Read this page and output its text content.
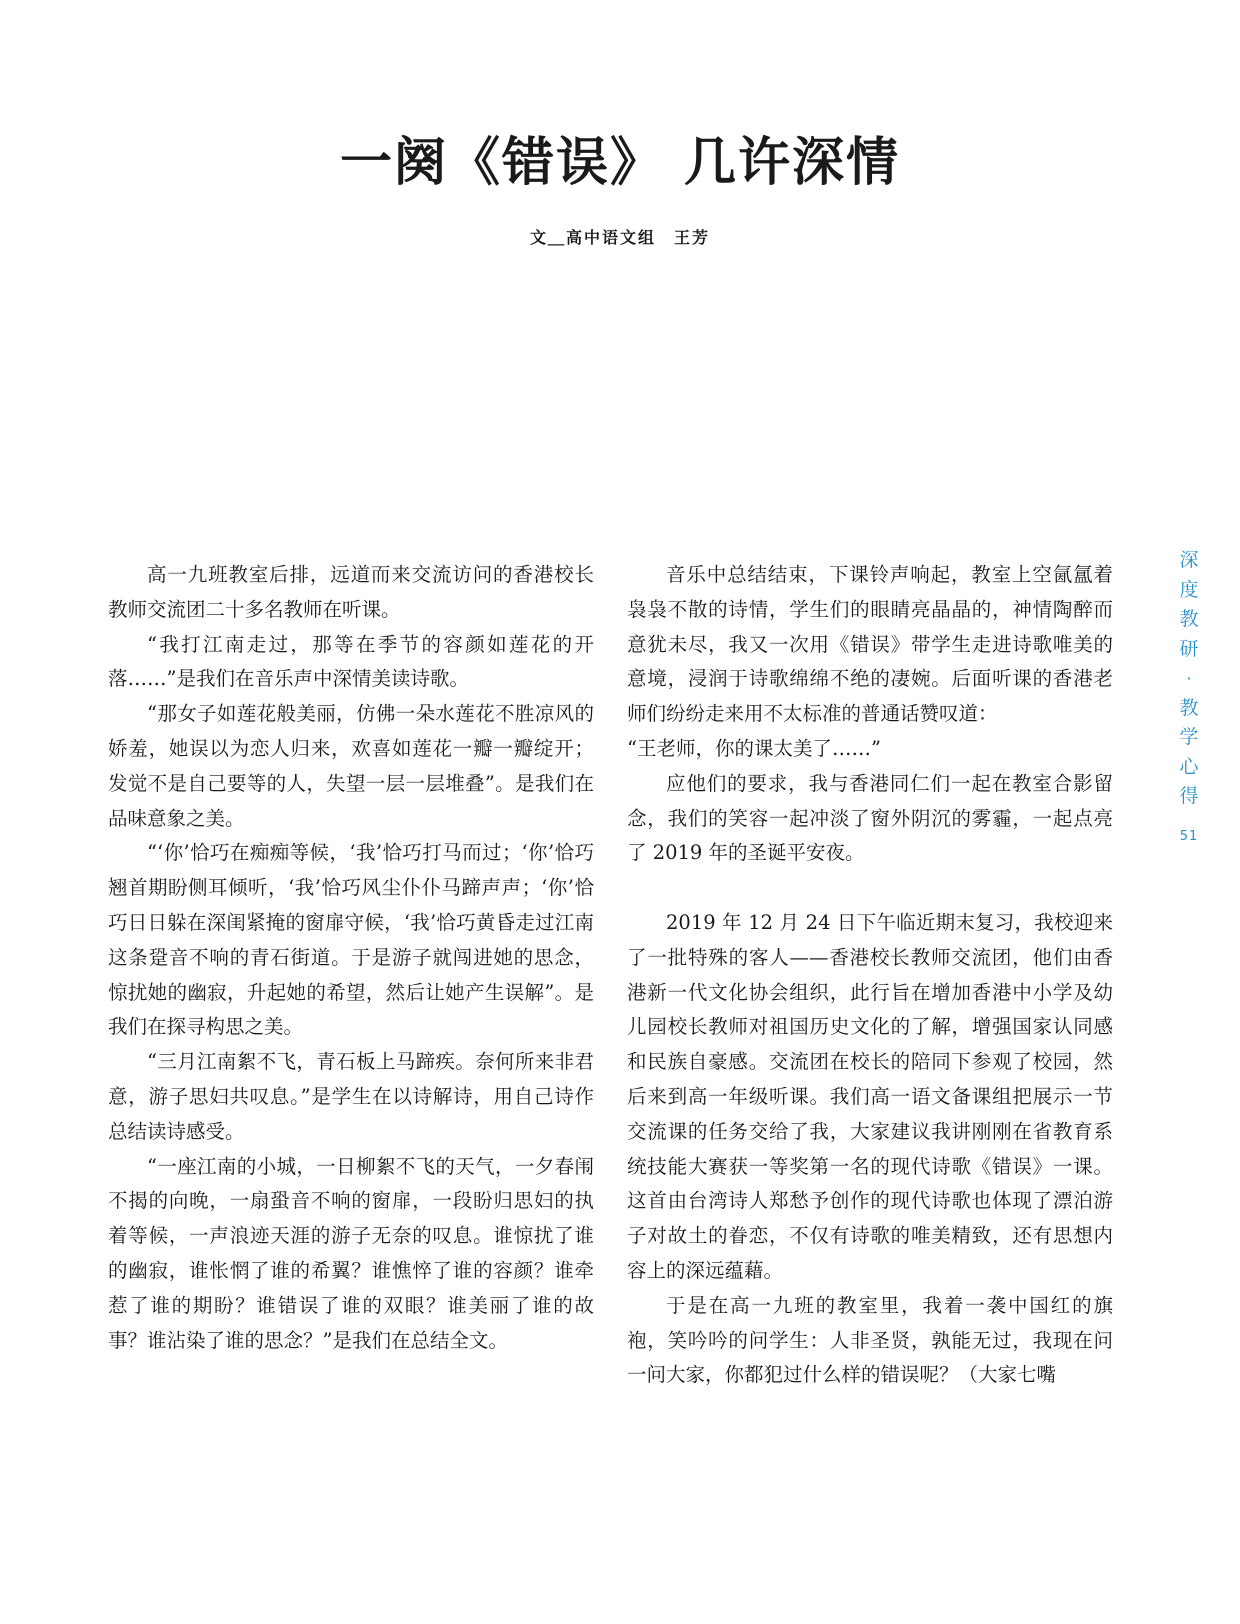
一阕《错误》 几许深情
文＿高中语文组　王芳

高一九班教室后排，远道而来交流访问的香港校长教师交流团二十多名教师在听课。

“我打江南走过，那等在季节的容颜如莲花的开落……”是我们在音乐声中深情美读诗歌。

“那女子如莲花般美丽，仿佛一朵水莲花不胜凉风的娇羞，她误以为恋人归来，欢喜如莲花一瓣一瓣绽开；发觉不是自己要等的人，失望一层一层堆叠”。是我们在品味意象之美。

“‘你’恰巧在痴痴等候，‘我’恰巧打马而过；‘你’恰巧翘首期盼侧耳倾听，‘我’恰巧风尘仆仆马蹄声声；‘你’恰巧日日躲在深闺紧掩的窗扉守候，‘我’恰巧黄昏走过江南这条跫音不响的青石街道。于是游子就闯进她的思念，惊扰她的幽寂，升起她的希望，然后让她产生误解”。是我们在探寻构思之美。

“三月江南絮不飞，青石板上马蹄疾。奈何所来非君意，游子思妇共叹息。”是学生在以诗解诗，用自己诗作总结读诗感受。

“一座江南的小城，一日柳絮不飞的天气，一夕春闱不揭的向晚，一扇蛩音不响的窗扉，一段盼归思妇的执着等候，一声浪迹天涯的游子无奈的叹息。谁惊扰了谁的幽寂，谁怅惘了谁的希翼？谁憔悴了谁的容颜？谁牵惹了谁的期盼？谁错误了谁的双眼？谁美丽了谁的故事？谁沾染了谁的思念？”是我们在总结全文。

音乐中总结结束，下课铃声响起，教室上空氤氲着袅袅不散的诗情，学生们的眼睛亮晶晶的，神情陶醉而意犹未尽，我又一次用《错误》带学生走进诗歌唯美的意境，浸润于诗歌绵绵不绝的凄婉。后面听课的香港老师们纷纷走来用不太标准的普通话赞叹道：

“王老师，你的课太美了……”

应他们的要求，我与香港同仁们一起在教室合影留念，我们的笑容一起冲淡了窗外阴沉的雾霾，一起点亮了 2019 年的圣诞平安夜。

2019 年 12 月 24 日下午临近期末复习，我校迎来了一批特殊的客人——香港校长教师交流团，他们由香港新一代文化协会组织，此行旨在增加香港中小学及幼儿园校长教师对祖国历史文化的了解，增强国家认同感和民族自豪感。交流团在校长的陪同下参观了校园，然后来到高一年级听课。我们高一语文备课组把展示一节交流课的任务交给了我，大家建议我讲刚刚在省教育系统技能大赛获一等奖第一名的现代诗歌《错误》一课。这首由台湾诗人郑愁予创作的现代诗歌也体现了漂泊游子对故土的眷恋，不仅有诗歌的唯美精致，还有思想内容上的深远蕴藉。

于是在高一九班的教室里，我着一袭中国红的旗袍，笑吟吟的问学生：人非圣贤，孰能无过，我现在问一问大家，你都犯过什么样的错误呢？（大家七嘴

深
度
教
研
·
教
学
心
得
51
